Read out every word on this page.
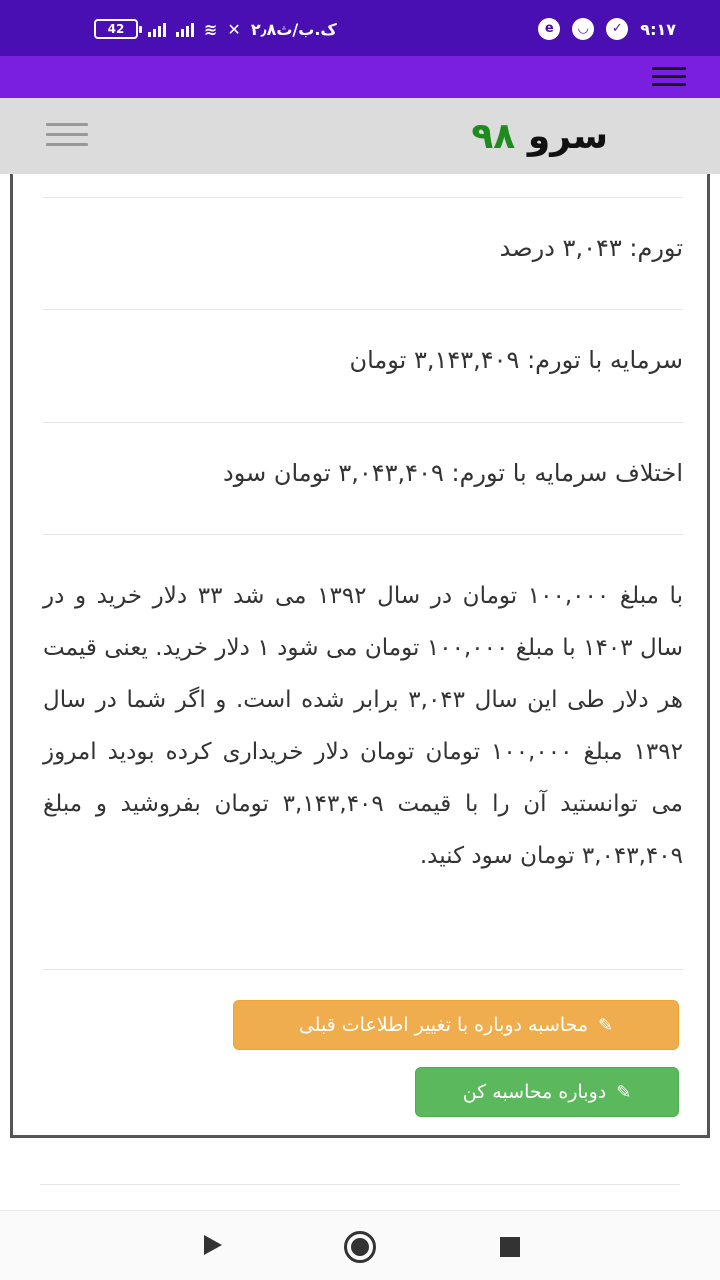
42	≋ ✕ ۲٫۸ک.ب/ث	e	◡	✓	۹:۱۷
سرو ۹۸
تورم: ۳,۰۴۳ درصد
سرمایه با تورم: ۳,۱۴۳,۴۰۹ تومان
اختلاف سرمایه با تورم: ۳,۰۴۳,۴۰۹ تومان سود
با مبلغ ۱۰۰,۰۰۰ تومان در سال ۱۳۹۲ می شد ۳۳ دلار خرید و در سال ۱۴۰۳ با مبلغ ۱۰۰,۰۰۰ تومان می شود ۱ دلار خرید. یعنی قیمت هر دلار طی این سال ۳,۰۴۳ برابر شده است. و اگر شما در سال ۱۳۹۲ مبلغ ۱۰۰,۰۰۰ تومان تومان دلار خریداری کرده بودید امروز می توانستید آن را با قیمت ۳,۱۴۳,۴۰۹ تومان بفروشید و مبلغ ۳,۰۴۳,۴۰۹ تومان سود کنید.
✎
محاسبه دوباره با تغییر اطلاعات قبلی
✎
دوباره محاسبه کن
